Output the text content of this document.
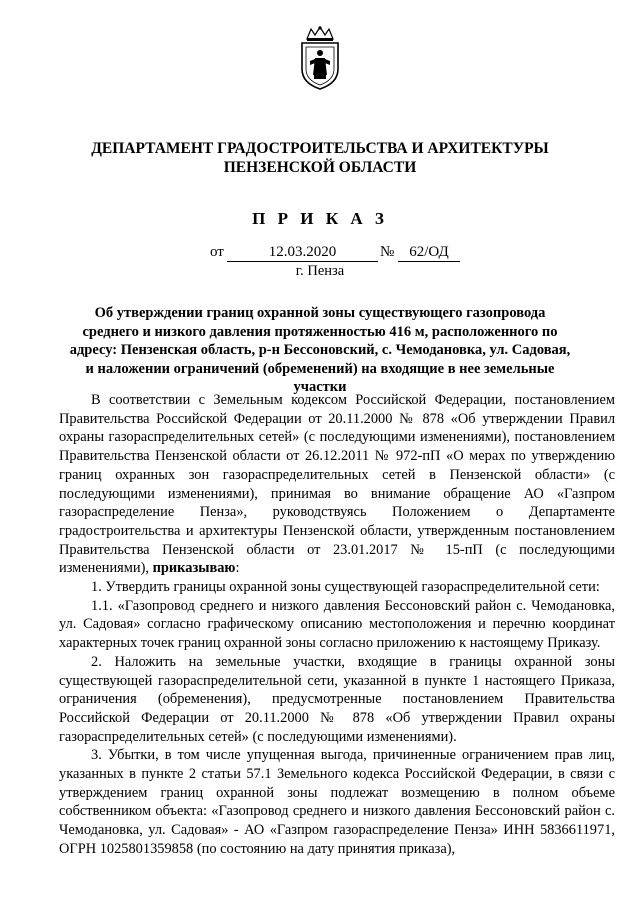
ДЕПАРТАМЕНТ ГРАДОСТРОИТЕЛЬСТВА И АРХИТЕКТУРЫ
ПЕНЗЕНСКОЙ ОБЛАСТИ
П Р И К А З
от	12.03.2020	№ 62/ОД
г. Пенза
Об утверждении границ охранной зоны существующего газопровода
среднего и низкого давления протяженностью 416 м, расположенного по
адресу: Пензенская область, р-н Бессоновский, с. Чемодановка, ул. Садовая,
и наложении ограничений (обременений) на входящие в нее земельные участки

В соответствии с Земельным кодексом Российской Федерации, постановлением Правительства Российской Федерации от 20.11.2000 № 878 «Об утверждении Правил охраны газораспределительных сетей» (с последующими изменениями), постановлением Правительства Пензенской области от 26.12.2011 № 972-пП «О мерах по утверждению границ охранных зон газораспределительных сетей в Пензенской области» (с последующими изменениями), принимая во внимание обращение АО «Газпром газораспределение Пенза», руководствуясь Положением о Департаменте градостроительства и архитектуры Пензенской области, утвержденным постановлением Правительства Пензенской области от 23.01.2017 № 15-пП (с последующими изменениями), приказываю:

1. Утвердить границы охранной зоны существующей газораспределительной сети:

1.1. «Газопровод среднего и низкого давления Бессоновский район с. Чемодановка, ул. Садовая» согласно графическому описанию местоположения и перечню координат характерных точек границ охранной зоны согласно приложению к настоящему Приказу.

2. Наложить на земельные участки, входящие в границы охранной зоны существующей газораспределительной сети, указанной в пункте 1 настоящего Приказа, ограничения (обременения), предусмотренные постановлением Правительства Российской Федерации от 20.11.2000 № 878 «Об утверждении Правил охраны газораспределительных сетей» (с последующими изменениями).

3. Убытки, в том числе упущенная выгода, причиненные ограничением прав лиц, указанных в пункте 2 статьи 57.1 Земельного кодекса Российской Федерации, в связи с утверждением границ охранной зоны подлежат возмещению в полном объеме собственником объекта: «Газопровод среднего и низкого давления Бессоновский район с. Чемодановка, ул. Садовая» - АО «Газпром газораспределение Пенза» ИНН 5836611971, ОГРН 1025801359858 (по состоянию на дату принятия приказа),
